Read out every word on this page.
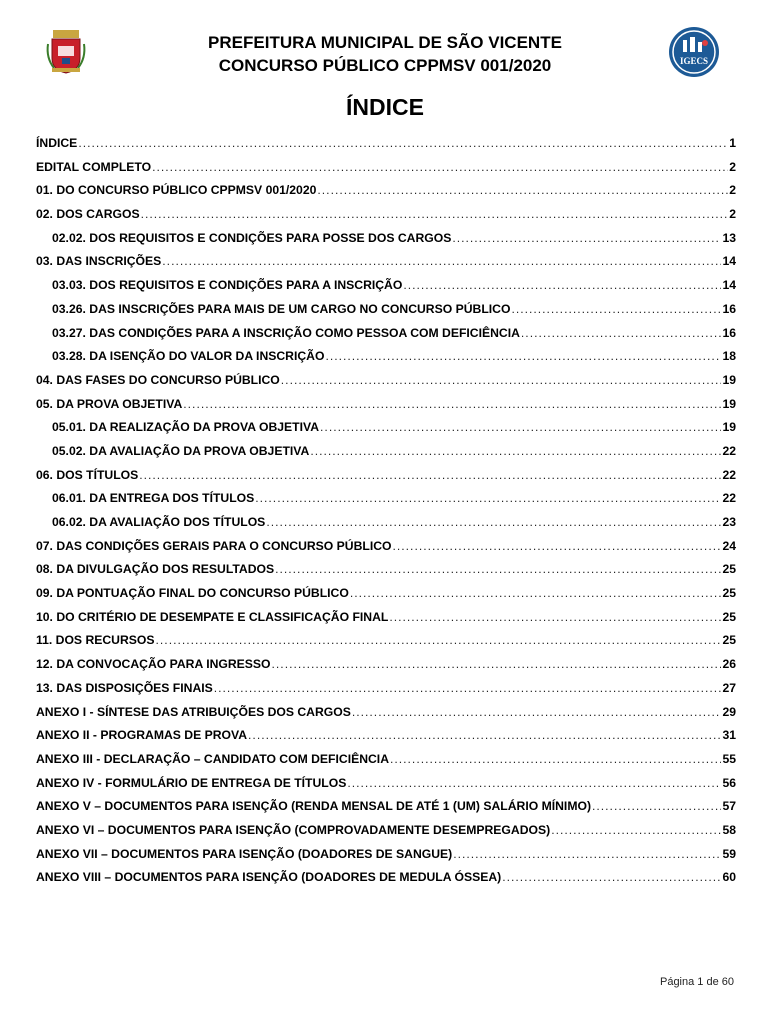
PREFEITURA MUNICIPAL DE SÃO VICENTE
CONCURSO PÚBLICO CPPMSV 001/2020	IGECS
ÍNDICE
ÍNDICE .....	1
EDITAL COMPLETO .....	2
01. DO CONCURSO PÚBLICO CPPMSV 001/2020 .....	2
02. DOS CARGOS .....	2
02.02. DOS REQUISITOS E CONDIÇÕES PARA POSSE DOS CARGOS .....	13
03. DAS INSCRIÇÕES .....	14
03.03. DOS REQUISITOS E CONDIÇÕES PARA A INSCRIÇÃO .....	14
03.26. DAS INSCRIÇÕES PARA MAIS DE UM CARGO NO CONCURSO PÚBLICO .....	16
03.27. DAS CONDIÇÕES PARA A INSCRIÇÃO COMO PESSOA COM DEFICIÊNCIA .....	16
03.28. DA ISENÇÃO DO VALOR DA INSCRIÇÃO .....	18
04. DAS FASES DO CONCURSO PÚBLICO .....	19
05. DA PROVA OBJETIVA .....	19
05.01. DA REALIZAÇÃO DA PROVA OBJETIVA .....	19
05.02. DA AVALIAÇÃO DA PROVA OBJETIVA .....	22
06. DOS TÍTULOS .....	22
06.01. DA ENTREGA DOS TÍTULOS .....	22
06.02. DA AVALIAÇÃO DOS TÍTULOS .....	23
07. DAS CONDIÇÕES GERAIS PARA O CONCURSO PÚBLICO .....	24
08. DA DIVULGAÇÃO DOS RESULTADOS .....	25
09. DA PONTUAÇÃO FINAL DO CONCURSO PÚBLICO .....	25
10. DO CRITÉRIO DE DESEMPATE E CLASSIFICAÇÃO FINAL .....	25
11. DOS RECURSOS .....	25
12. DA CONVOCAÇÃO PARA INGRESSO .....	26
13. DAS DISPOSIÇÕES FINAIS .....	27
ANEXO I - SÍNTESE DAS ATRIBUIÇÕES DOS CARGOS .....	29
ANEXO II - PROGRAMAS DE PROVA .....	31
ANEXO III - DECLARAÇÃO – CANDIDATO COM DEFICIÊNCIA .....	55
ANEXO IV - FORMULÁRIO DE ENTREGA DE TÍTULOS .....	56
ANEXO V – DOCUMENTOS PARA ISENÇÃO (RENDA MENSAL DE ATÉ 1 (UM) SALÁRIO MÍNIMO) .....	57
ANEXO VI – DOCUMENTOS PARA ISENÇÃO (COMPROVADAMENTE DESEMPREGADOS) .....	58
ANEXO VII – DOCUMENTOS PARA ISENÇÃO (DOADORES DE SANGUE) .....	59
ANEXO VIII – DOCUMENTOS PARA ISENÇÃO (DOADORES DE MEDULA ÓSSEA) .....	60
Página 1 de 60
